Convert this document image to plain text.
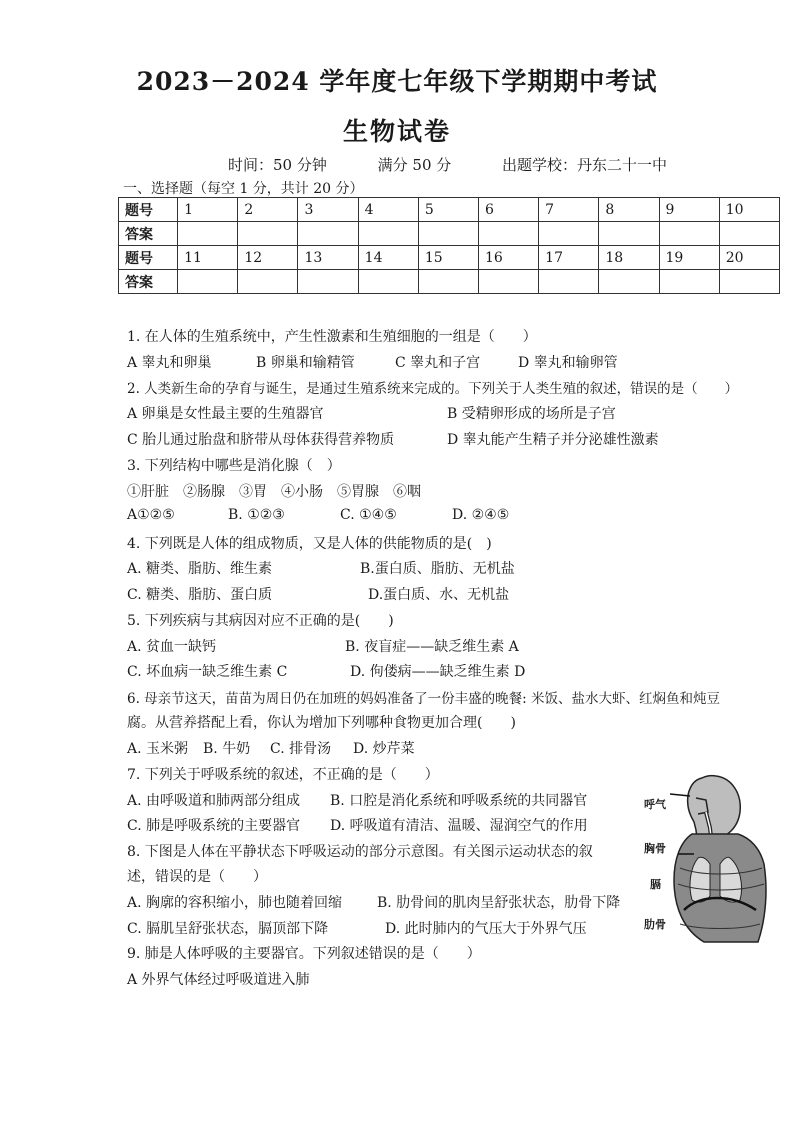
2023－2024 学年度七年级下学期期中考试
生物试卷
时间：50 分钟	满分 50 分	出题学校：丹东二十一中
一、选择题（每空 1 分，共计 20 分）
题号	1	2	3	4	5	6	7	8	9	10
答案										
题号	11	12	13	14	15	16	17	18	19	20
答案										
1. 在人体的生殖系统中，产生性激素和生殖细胞的一组是（　　）
A 睾丸和卵巢	B 卵巢和输精管	C 睾丸和子宫	D 睾丸和输卵管
2. 人类新生命的孕育与诞生，是通过生殖系统来完成的。下列关于人类生殖的叙述，错误的是（　　）
A 卵巢是女性最主要的生殖器官	B 受精卵形成的场所是子宫
C 胎儿通过胎盘和脐带从母体获得营养物质	D 睾丸能产生精子并分泌雄性激素
3. 下列结构中哪些是消化腺（　）
①肝脏　②肠腺　③胃　④小肠　⑤胃腺　⑥咽
A①②⑤	B. ①②③	C. ①④⑤	D. ②④⑤
4. 下列既是人体的组成物质，又是人体的供能物质的是(　)
A. 糖类、脂肪、维生素	B.蛋白质、脂肪、无机盐
C. 糖类、脂肪、蛋白质	D.蛋白质、水、无机盐
5. 下列疾病与其病因对应不正确的是(　　)
A. 贫血一缺钙	B. 夜盲症——缺乏维生素 A
C. 坏血病一缺乏维生素 C	D. 佝偻病——缺乏维生素 D
6. 母亲节这天，苗苗为周日仍在加班的妈妈准备了一份丰盛的晚餐: 米饭、盐水大虾、红焖鱼和炖豆
腐。从营养搭配上看，你认为增加下列哪种食物更加合理(　　)
A. 玉米粥 B. 牛奶 C. 排骨汤 D. 炒芹菜
7. 下列关于呼吸系统的叙述，不正确的是（　　）
A. 由呼吸道和肺两部分组成 B. 口腔是消化系统和呼吸系统的共同器官
C. 肺是呼吸系统的主要器官 D. 呼吸道有清洁、温暖、湿润空气的作用
8. 下图是人体在平静状态下呼吸运动的部分示意图。有关图示运动状态的叙
述，错误的是（　　）
A. 胸廓的容积缩小，肺也随着回缩 B. 肋骨间的肌肉呈舒张状态，肋骨下降
C. 膈肌呈舒张状态，膈顶部下降	D. 此时肺内的气压大于外界气压
9. 肺是人体呼吸的主要器官。下列叙述错误的是（　　）
A 外界气体经过呼吸道进入肺
呼气
胸骨
膈
肋骨
